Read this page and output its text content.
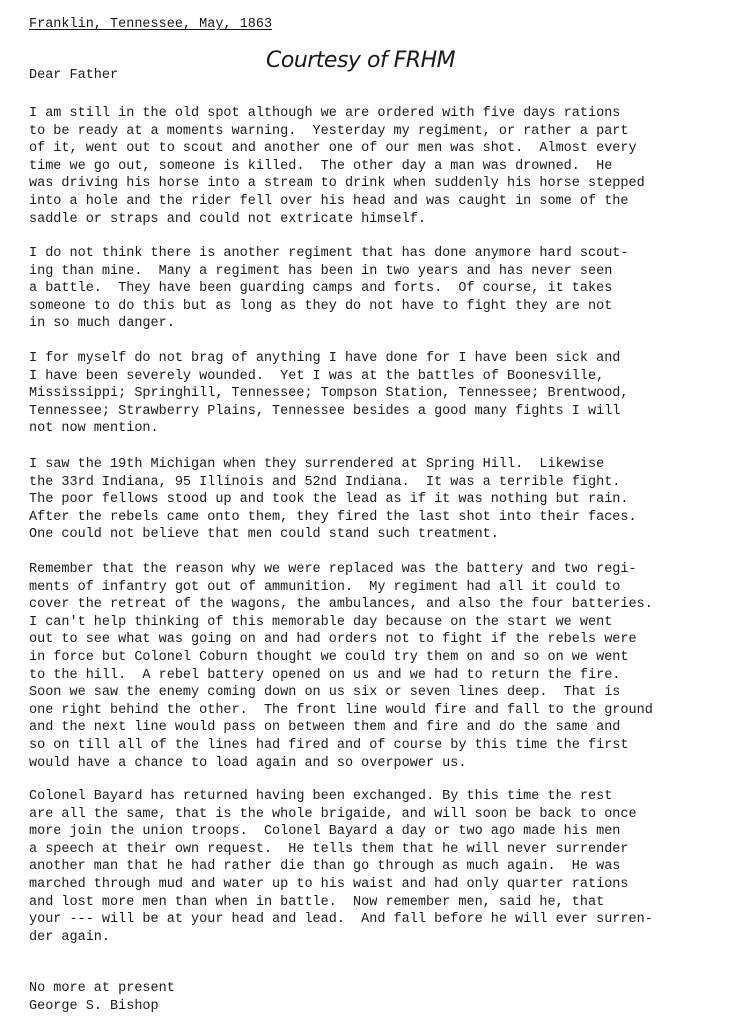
Franklin, Tennessee, May, 1863
Courtesy of FRHM
Dear Father
I am still in the old spot although we are ordered with five days rations
to be ready at a moments warning.  Yesterday my regiment, or rather a part
of it, went out to scout and another one of our men was shot.  Almost every
time we go out, someone is killed.  The other day a man was drowned.  He
was driving his horse into a stream to drink when suddenly his horse stepped
into a hole and the rider fell over his head and was caught in some of the
saddle or straps and could not extricate himself.
I do not think there is another regiment that has done anymore hard scout-
ing than mine.  Many a regiment has been in two years and has never seen
a battle.  They have been guarding camps and forts.  Of course, it takes
someone to do this but as long as they do not have to fight they are not
in so much danger.
I for myself do not brag of anything I have done for I have been sick and
I have been severely wounded.  Yet I was at the battles of Boonesville,
Mississippi; Springhill, Tennessee; Tompson Station, Tennessee; Brentwood,
Tennessee; Strawberry Plains, Tennessee besides a good many fights I will
not now mention.
I saw the 19th Michigan when they surrendered at Spring Hill.  Likewise
the 33rd Indiana, 95 Illinois and 52nd Indiana.  It was a terrible fight.
The poor fellows stood up and took the lead as if it was nothing but rain.
After the rebels came onto them, they fired the last shot into their faces.
One could not believe that men could stand such treatment.
Remember that the reason why we were replaced was the battery and two regi-
ments of infantry got out of ammunition.  My regiment had all it could to
cover the retreat of the wagons, the ambulances, and also the four batteries.
I can't help thinking of this memorable day because on the start we went
out to see what was going on and had orders not to fight if the rebels were
in force but Colonel Coburn thought we could try them on and so on we went
to the hill.  A rebel battery opened on us and we had to return the fire.
Soon we saw the enemy coming down on us six or seven lines deep.  That is
one right behind the other.  The front line would fire and fall to the ground
and the next line would pass on between them and fire and do the same and
so on till all of the lines had fired and of course by this time the first
would have a chance to load again and so overpower us.
Colonel Bayard has returned having been exchanged. By this time the rest
are all the same, that is the whole brigaide, and will soon be back to once
more join the union troops.  Colonel Bayard a day or two ago made his men
a speech at their own request.  He tells them that he will never surrender
another man that he had rather die than go through as much again.  He was
marched through mud and water up to his waist and had only quarter rations
and lost more men than when in battle.  Now remember men, said he, that
your --- will be at your head and lead.  And fall before he will ever surren-
der again.
No more at present
George S. Bishop
